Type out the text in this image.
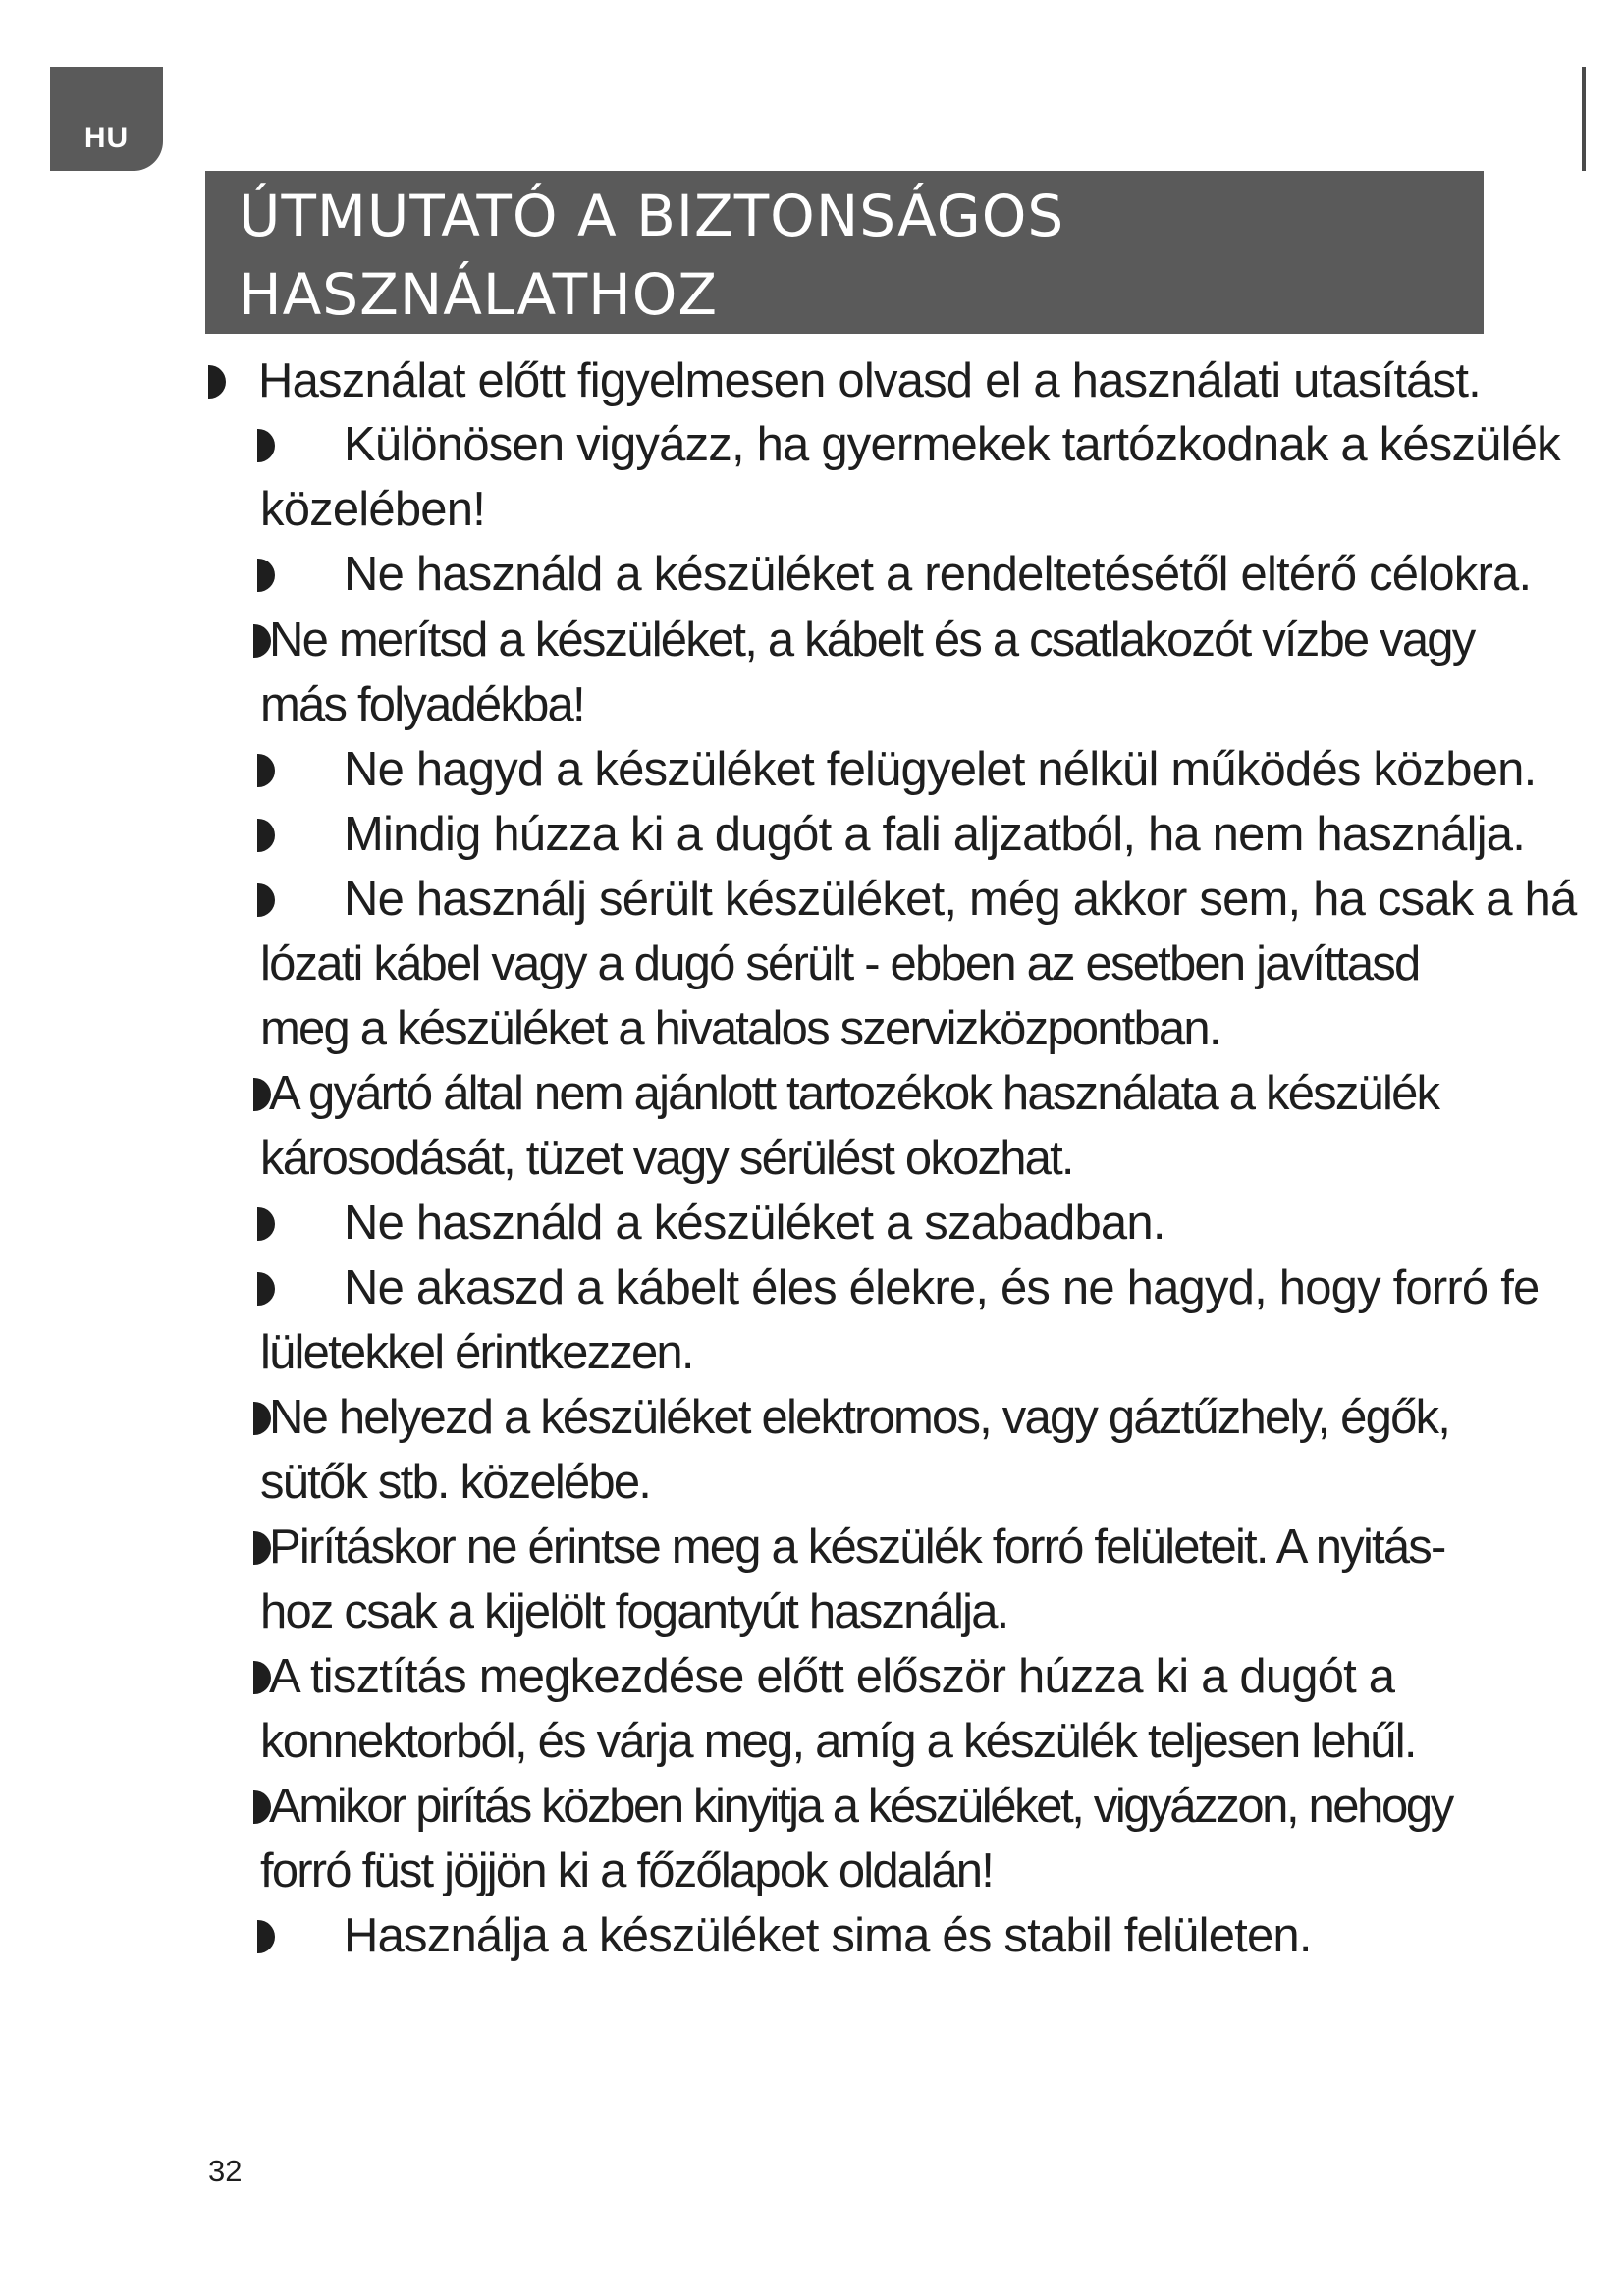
HU
ÚTMUTATÓ A BIZTONSÁGOS
HASZNÁLATHOZ
Használat előtt figyelmesen olvasd el a használati utasítást.
Különösen vigyázz, ha gyermekek tartózkodnak a készülék
közelében!
Ne használd a készüléket a rendeltetésétől eltérő célokra.
Ne merítsd a készüléket, a kábelt és a csatlakozót vízbe vagy
más folyadékba!
Ne hagyd a készüléket felügyelet nélkül működés közben.
Mindig húzza ki a dugót a fali aljzatból, ha nem használja.
Ne használj sérült készüléket, még akkor sem, ha csak a há
lózati kábel vagy a dugó sérült - ebben az esetben javíttasd
meg a készüléket a hivatalos szervizközpontban.
A gyártó által nem ajánlott tartozékok használata a készülék
károsodását, tüzet vagy sérülést okozhat.
Ne használd a készüléket a szabadban.
Ne akaszd a kábelt éles élekre, és ne hagyd, hogy forró fe
lületekkel érintkezzen.
Ne helyezd a készüléket elektromos, vagy gáztűzhely, égők,
sütők stb. közelébe.
Pirításkor ne érintse meg a készülék forró felületeit. A nyitás-
hoz csak a kijelölt fogantyút használja.
A tisztítás megkezdése előtt először húzza ki a dugót a
konnektorból, és várja meg, amíg a készülék teljesen lehűl.
Amikor pirítás közben kinyitja a készüléket, vigyázzon, nehogy
forró füst jöjjön ki a főzőlapok oldalán!
Használja a készüléket sima és stabil felületen.
32
